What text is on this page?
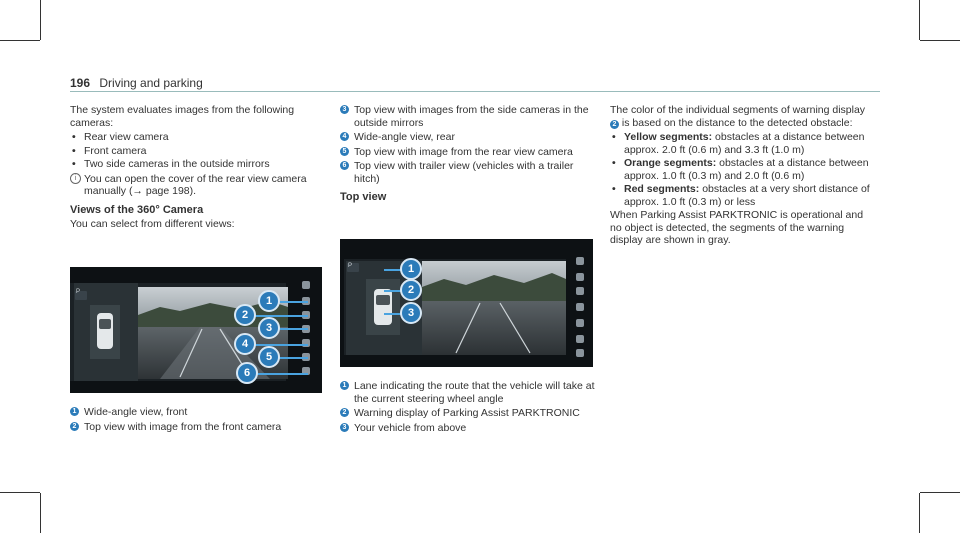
196 Driving and parking

The system evaluates images from the following cameras:

• Rear view camera
• Front camera
• Two side cameras in the outside mirrors
i You can open the cover of the rear view camera manually (→ page 198).
Views of the 360° Camera

You can select from different views:

P
1
2
3
4
5
6
1 Wide-angle view, front
2 Top view with image from the front camera
3 Top view with images from the side cameras in the outside mirrors
4 Wide-angle view, rear
5 Top view with image from the rear view camera
6 Top view with trailer view (vehicles with a trailer hitch)
Top view
P	1
2
3
1 Lane indicating the route that the vehicle will take at the current steering wheel angle
2 Warning display of Parking Assist PARKTRONIC
3 Your vehicle from above

The color of the individual segments of warning display 2 is based on the distance to the detected obstacle:

• Yellow segments: obstacles at a distance between approx. 2.0 ft (0.6 m) and 3.3 ft (1.0 m)
• Orange segments: obstacles at a distance between approx. 1.0 ft (0.3 m) and 2.0 ft (0.6 m)
• Red segments: obstacles at a very short distance of approx. 1.0 ft (0.3 m) or less

When Parking Assist PARKTRONIC is operational and no object is detected, the segments of the warning display are shown in gray.
